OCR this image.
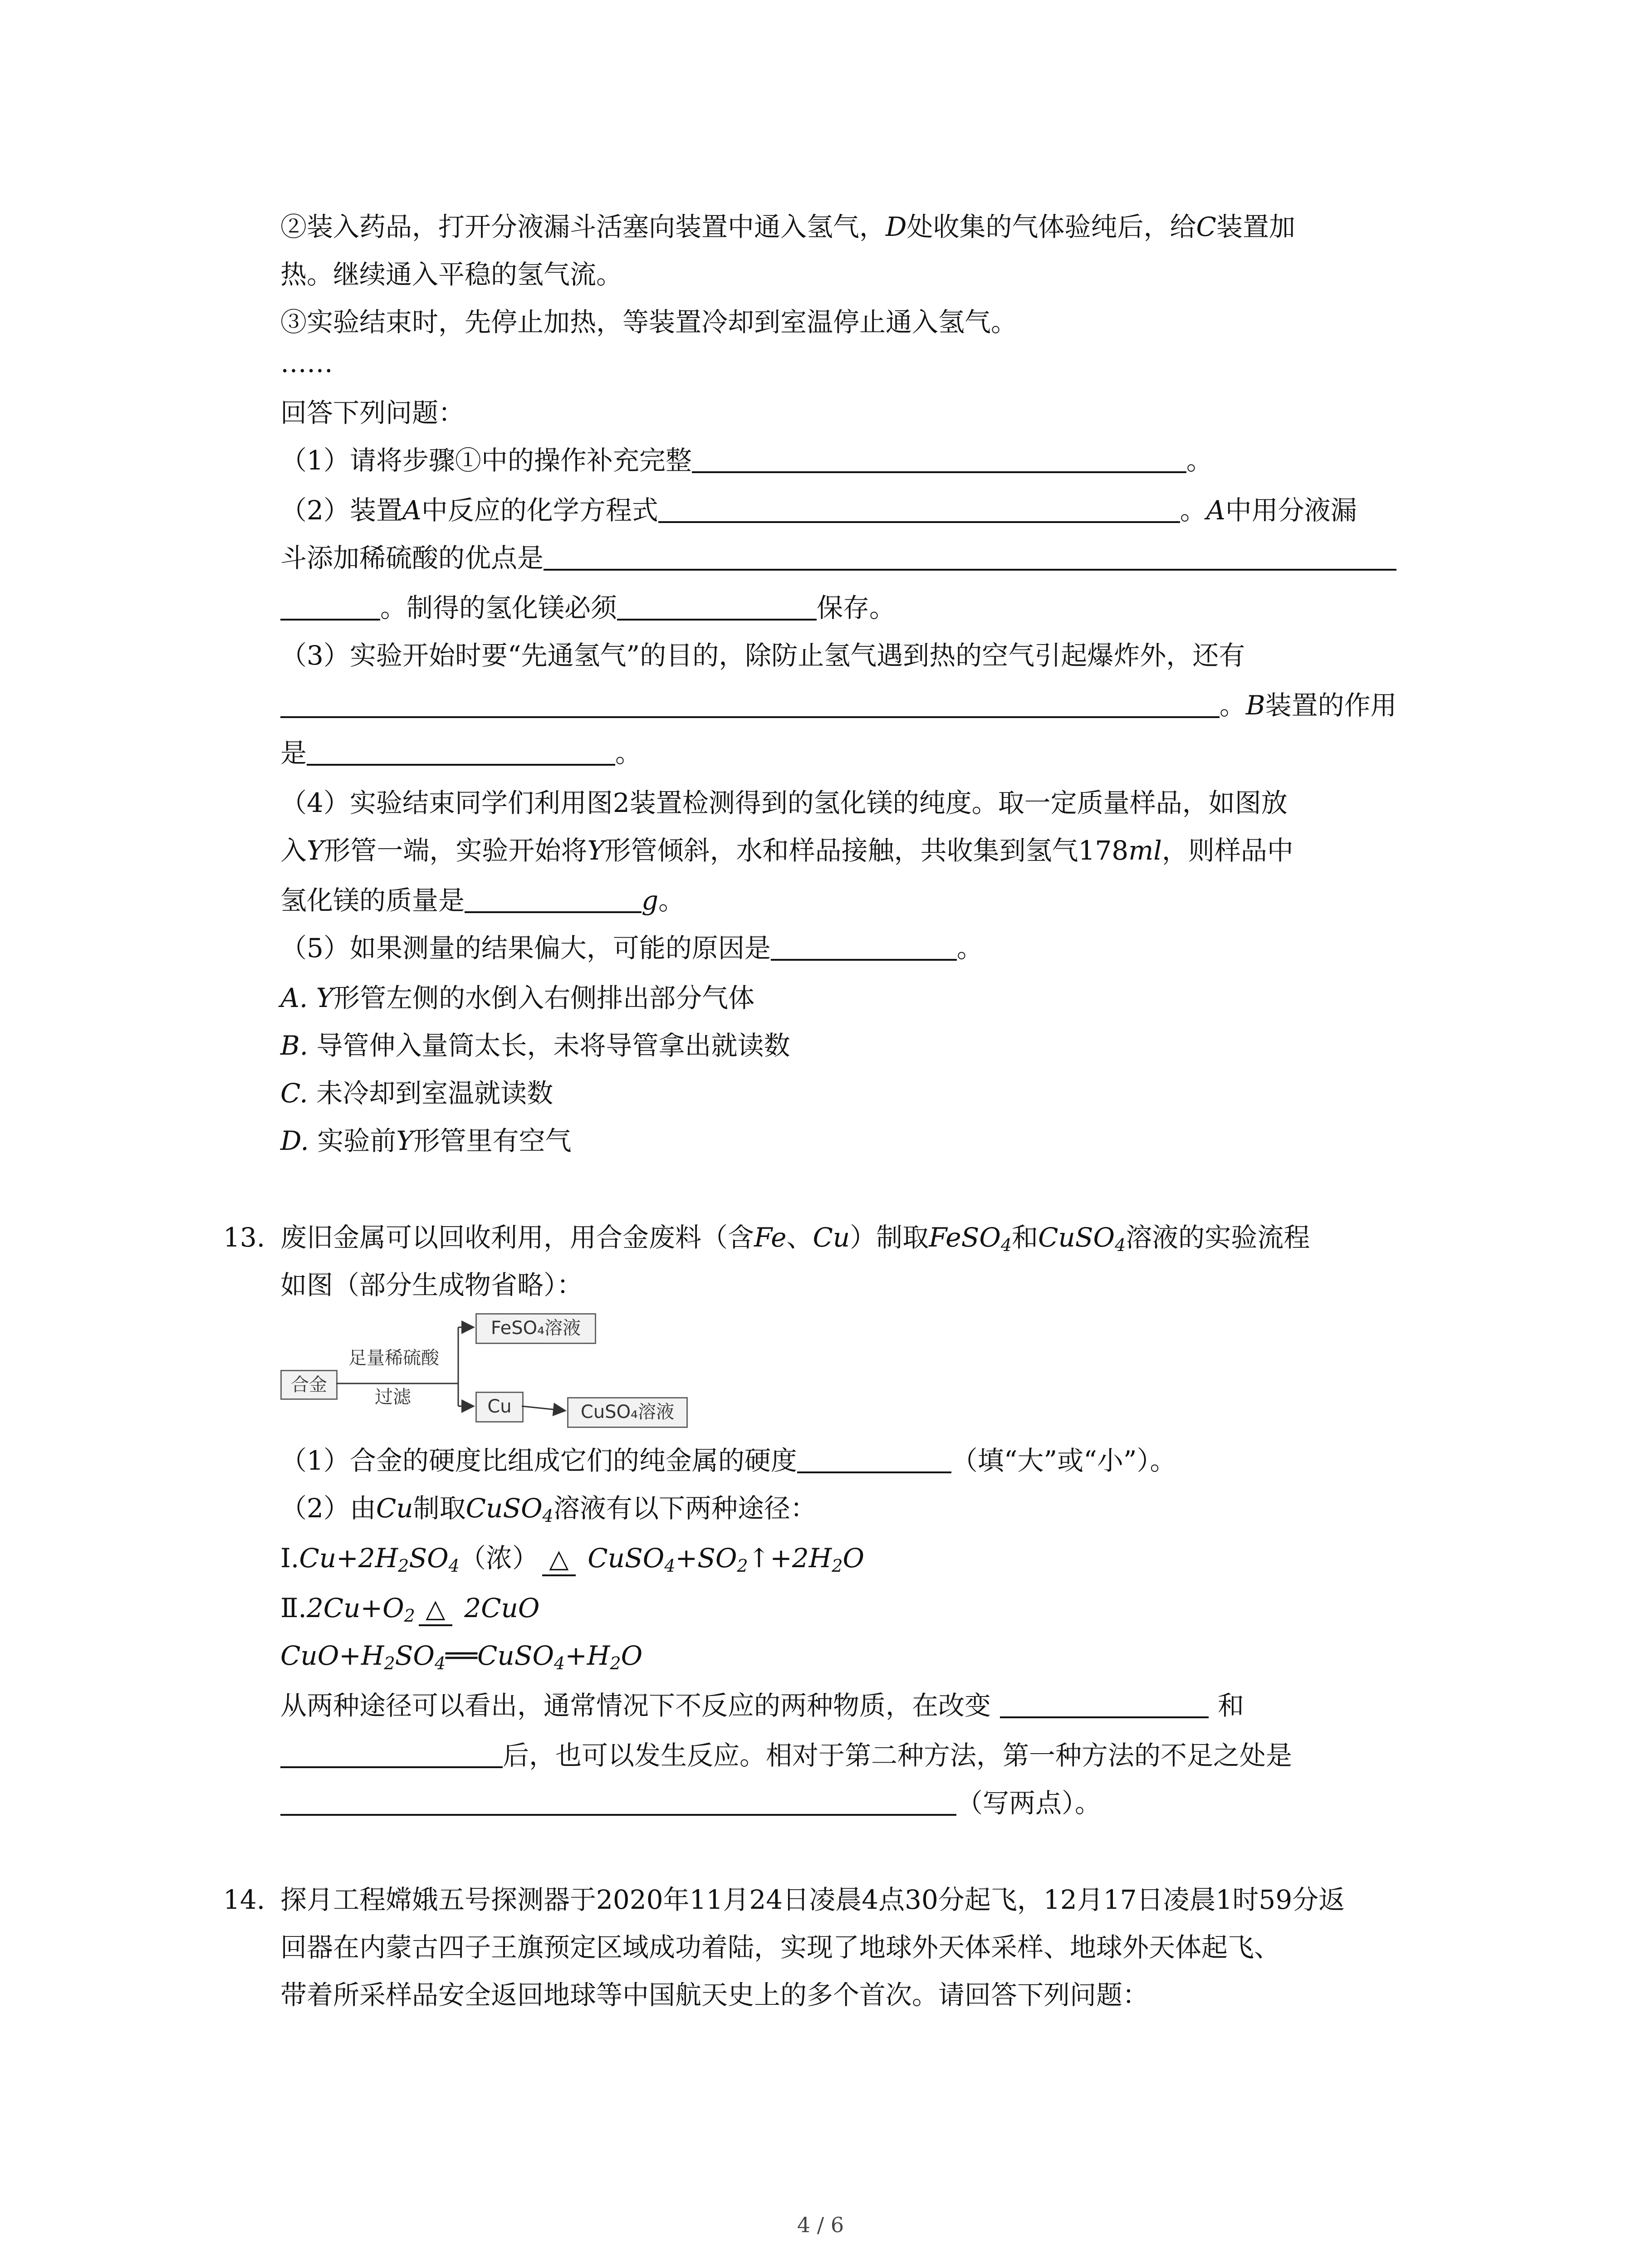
②装入药品，打开分液漏斗活塞向装置中通入氢气，D处收集的气体验纯后，给C装置加
热。继续通入平稳的氢气流。
③实验结束时，先停止加热，等装置冷却到室温停止通入氢气。
……
回答下列问题：
（1）请将步骤①中的操作补充完整	。
（2）装置A中反应的化学方程式	。A中用分液漏
斗添加稀硫酸的优点是
。制得的氢化镁必须	保存。
（3）实验开始时要“先通氢气”的目的，除防止氢气遇到热的空气引起爆炸外，还有
。B装置的作用
是	。
（4）实验结束同学们利用图2装置检测得到的氢化镁的纯度。取一定质量样品，如图放
入Y形管一端，实验开始将Y形管倾斜，水和样品接触，共收集到氢气178ml，则样品中
氢化镁的质量是	g。
（5）如果测量的结果偏大，可能的原因是	。
A. Y形管左侧的水倒入右侧排出部分气体
B. 导管伸入量筒太长，未将导管拿出就读数
C. 未冷却到室温就读数
D. 实验前Y形管里有空气
13. 废旧金属可以回收利用，用合金废料（含Fe、Cu）制取FeSO$_4$和CuSO$_4$溶液的实验流程
如图（部分生成物省略）：
合金
足量稀硫酸
过滤
FeSO₄溶液
Cu	CuSO₄溶液
（1）合金的硬度比组成它们的纯金属的硬度	（填“大”或“小”）。
（2）由Cu制取CuSO$_4$溶液有以下两种途径：
$Ⅰ.Cu+2H_2SO_4$（浓） △
$CuSO_4+SO_2↑+2H_2O$
$Ⅱ.2Cu+O_2$ △
2CuO
$CuO+H_2SO_4══CuSO_4+H_2O$
从两种途径可以看出，通常情况下不反应的两种物质，在改变	和
后，也可以发生反应。相对于第二种方法，第一种方法的不足之处是
（写两点）。
14. 探月工程嫦娥五号探测器于2020年11月24日凌晨4点30分起飞，12月17日凌晨1时59分返
回器在内蒙古四子王旗预定区域成功着陆，实现了地球外天体采样、地球外天体起飞、
带着所采样品安全返回地球等中国航天史上的多个首次。请回答下列问题：
4 / 6
